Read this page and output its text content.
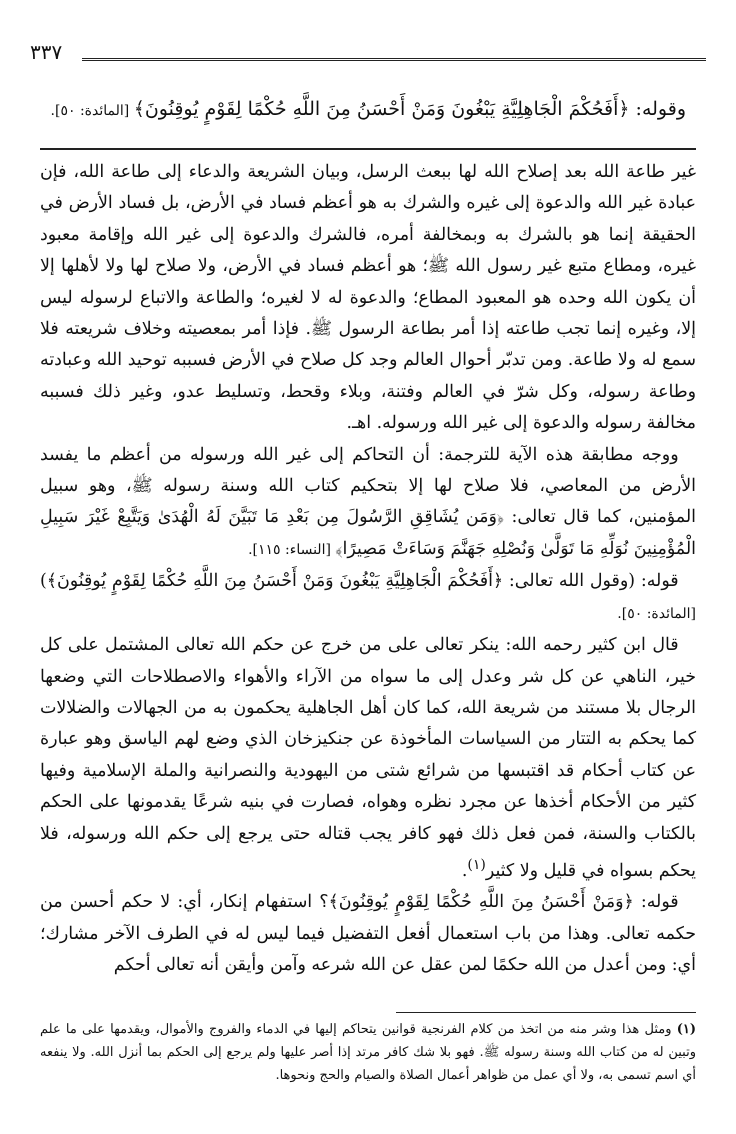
٣٣٧
وقوله: ﴿أَفَحُكْمَ الْجَاهِلِيَّةِ يَبْغُونَ وَمَنْ أَحْسَنُ مِنَ اللَّهِ حُكْمًا لِقَوْمٍ يُوقِنُونَ﴾ [المائدة: ٥٠].

غير طاعة الله بعد إصلاح الله لها ببعث الرسل، وبيان الشريعة والدعاء إلى طاعة الله، فإن عبادة غير الله والدعوة إلى غيره والشرك به هو أعظم فساد في الأرض، بل فساد الأرض في الحقيقة إنما هو بالشرك به وبمخالفة أمره، فالشرك والدعوة إلى غير الله وإقامة معبود غيره، ومطاع متبع غير رسول الله ﷺ؛ هو أعظم فساد في الأرض، ولا صلاح لها ولا لأهلها إلا أن يكون الله وحده هو المعبود المطاع؛ والدعوة له لا لغيره؛ والطاعة والاتباع لرسوله ليس إلا، وغيره إنما تجب طاعته إذا أمر بطاعة الرسول ﷺ. فإذا أمر بمعصيته وخلاف شريعته فلا سمع له ولا طاعة. ومن تدبّر أحوال العالم وجد كل صلاح في الأرض فسببه توحيد الله وعبادته وطاعة رسوله، وكل شرّ في العالم وفتنة، وبلاء وقحط، وتسليط عدو، وغير ذلك فسببه مخالفة رسوله والدعوة إلى غير الله ورسوله. اهـ.

 ووجه مطابقة هذه الآية للترجمة: أن التحاكم إلى غير الله ورسوله من أعظم ما يفسد الأرض من المعاصي، فلا صلاح لها إلا بتحكيم كتاب الله وسنة رسوله ﷺ، وهو سبيل المؤمنين، كما قال تعالى: ﴿وَمَن يُشَاقِقِ الرَّسُولَ مِن بَعْدِ مَا تَبَيَّنَ لَهُ الْهُدَىٰ وَيَتَّبِعْ غَيْرَ سَبِيلِ الْمُؤْمِنِينَ نُوَلِّهِ مَا تَوَلَّىٰ وَنُصْلِهِ جَهَنَّمَ وَسَاءَتْ مَصِيرًا﴾ [النساء: ١١٥].

 قوله: (وقول الله تعالى: ﴿أَفَحُكْمَ الْجَاهِلِيَّةِ يَبْغُونَ وَمَنْ أَحْسَنُ مِنَ اللَّهِ حُكْمًا لِقَوْمٍ يُوقِنُونَ﴾) [المائدة: ٥٠].

 قال ابن كثير رحمه الله: ينكر تعالى على من خرج عن حكم الله تعالى المشتمل على كل خير، الناهي عن كل شر وعدل إلى ما سواه من الآراء والأهواء والاصطلاحات التي وضعها الرجال بلا مستند من شريعة الله، كما كان أهل الجاهلية يحكمون به من الجهالات والضلالات كما يحكم به التتار من السياسات المأخوذة عن جنكيزخان الذي وضع لهم الياسق وهو عبارة عن كتاب أحكام قد اقتبسها من شرائع شتى من اليهودية والنصرانية والملة الإسلامية وفيها كثير من الأحكام أخذها عن مجرد نظره وهواه، فصارت في بنيه شرعًا يقدمونها على الحكم بالكتاب والسنة، فمن فعل ذلك فهو كافر يجب قتاله حتى يرجع إلى حكم الله ورسوله، فلا يحكم بسواه في قليل ولا كثير$^{(١)}$.

 قوله: ﴿وَمَنْ أَحْسَنُ مِنَ اللَّهِ حُكْمًا لِقَوْمٍ يُوقِنُونَ﴾؟ استفهام إنكار، أي: لا حكم أحسن من حكمه تعالى. وهذا من باب استعمال أفعل التفضيل فيما ليس له في الطرف الآخر مشارك؛ أي: ومن أعدل من الله حكمًا لمن عقل عن الله شرعه وآمن وأيقن أنه تعالى أحكم

(١) ومثل هذا وشر منه من اتخذ من كلام الفرنجية قوانين يتحاكم إليها في الدماء والفروج والأموال، ويقدمها على ما علم وتبين له من كتاب الله وسنة رسوله ﷺ. فهو بلا شك كافر مرتد إذا أصر عليها ولم يرجع إلى الحكم بما أنزل الله. ولا ينفعه أي اسم تسمى به، ولا أي عمل من ظواهر أعمال الصلاة والصيام والحج ونحوها.
